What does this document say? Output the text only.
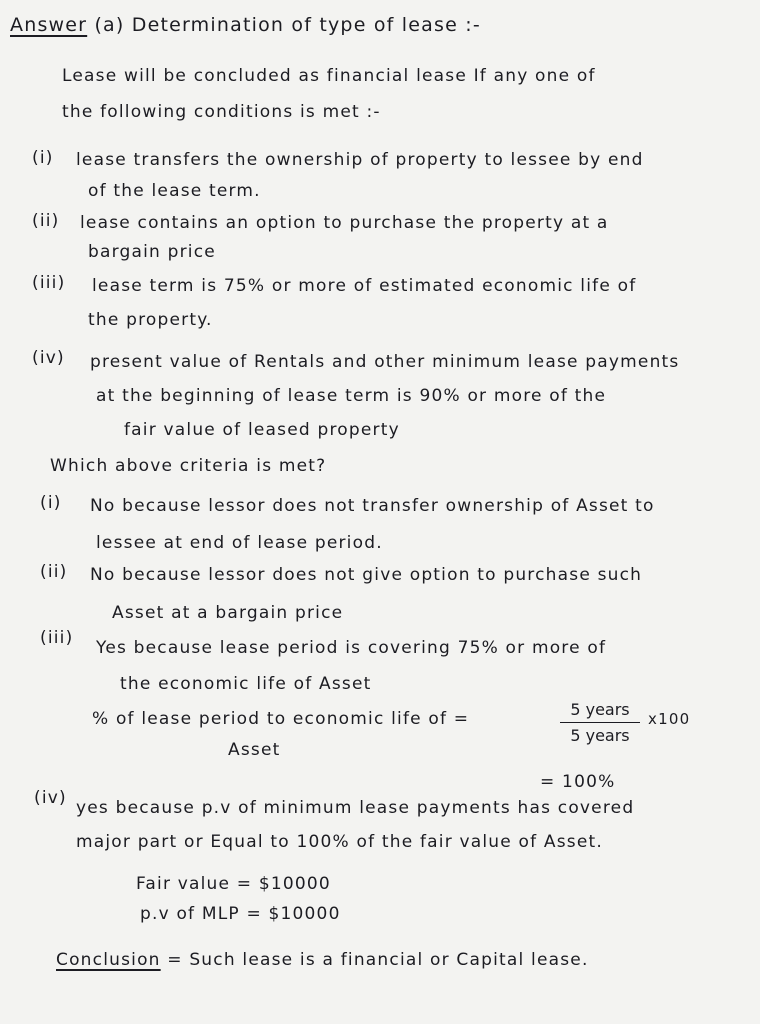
Answer (a) Determination of type of lease :-
Lease will be concluded as financial lease If any one of
the following conditions is met :-
(i) lease transfers the ownership of property to lessee by end
of the lease term.
(ii) lease contains an option to purchase the property at a
bargain price
(iii) lease term is 75% or more of estimated economic life of
the property.
(iv) present value of Rentals and other minimum lease payments
at the beginning of lease term is 90% or more of the
fair value of leased property
Which above criteria is met?
(i) No because lessor does not transfer ownership of Asset to
lessee at end of lease period.
(ii) No because lessor does not give option to purchase such
Asset at a bargain price
(iii) Yes because lease period is covering 75% or more of
the economic life of Asset
% of lease period to economic life of =
Asset
5 years
5 years
x100
= 100%
(iv) yes because p.v of minimum lease payments has covered
major part or Equal to 100% of the fair value of Asset.
Fair value = $10000
p.v of MLP = $10000
Conclusion = Such lease is a financial or Capital lease.
